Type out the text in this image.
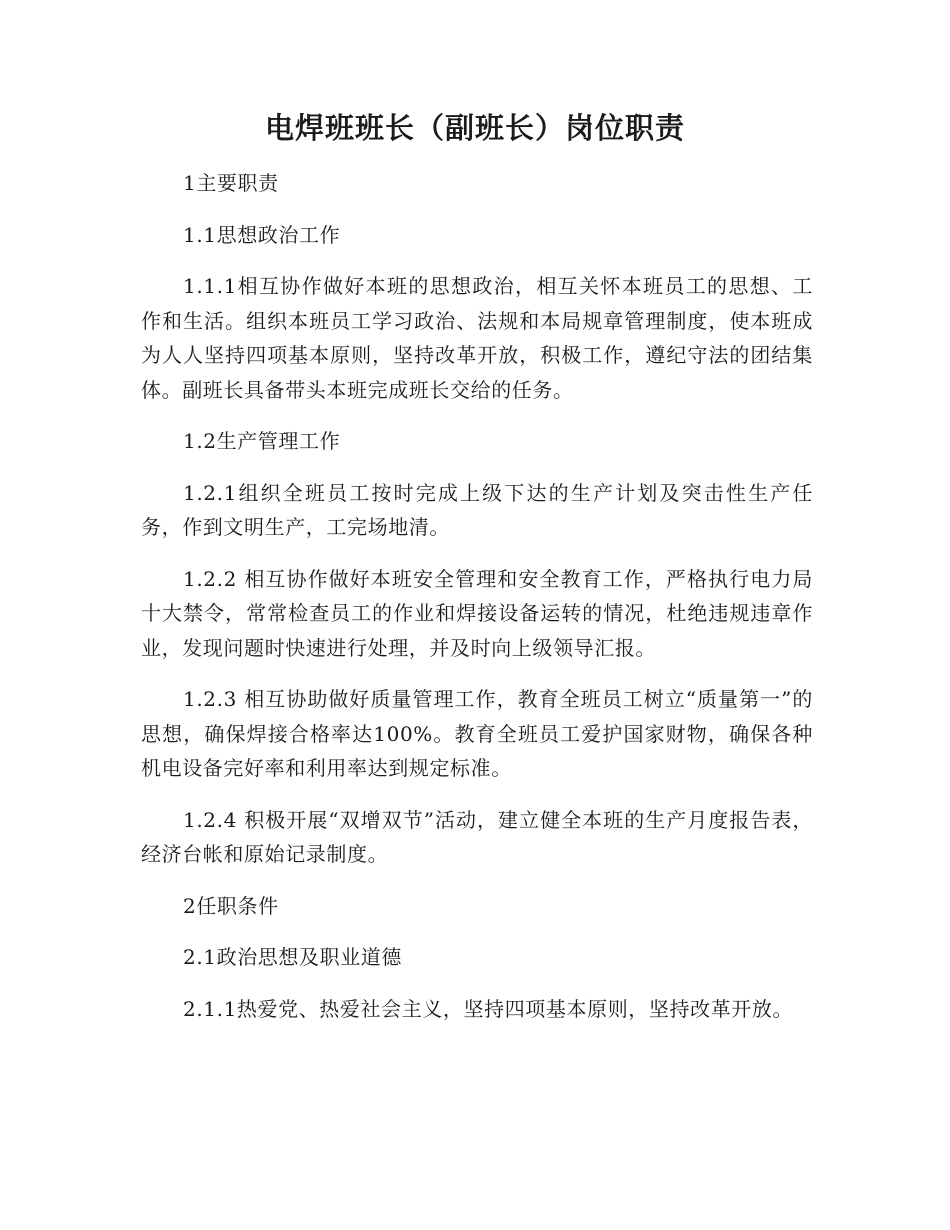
电焊班班长（副班长）岗位职责

1主要职责

1.1思想政治工作

1.1.1相互协作做好本班的思想政治，相互关怀本班员工的思想、工作和生活。组织本班员工学习政治、法规和本局规章管理制度，使本班成为人人坚持四项基本原则，坚持改革开放，积极工作，遵纪守法的团结集体。副班长具备带头本班完成班长交给的任务。

1.2生产管理工作

1.2.1组织全班员工按时完成上级下达的生产计划及突击性生产任务，作到文明生产，工完场地清。

1.2.2 相互协作做好本班安全管理和安全教育工作，严格执行电力局十大禁令，常常检查员工的作业和焊接设备运转的情况，杜绝违规违章作业，发现问题时快速进行处理，并及时向上级领导汇报。

1.2.3 相互协助做好质量管理工作，教育全班员工树立“质量第一”的思想，确保焊接合格率达100%。教育全班员工爱护国家财物，确保各种机电设备完好率和利用率达到规定标准。

1.2.4 积极开展“双增双节”活动，建立健全本班的生产月度报告表，经济台帐和原始记录制度。

2任职条件

2.1政治思想及职业道德

2.1.1热爱党、热爱社会主义，坚持四项基本原则，坚持改革开放。
